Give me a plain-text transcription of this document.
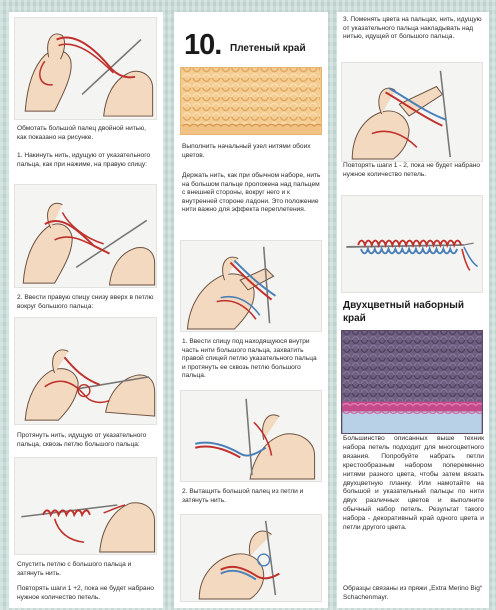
Обмотать большой палец двойной нитью, как показано на рисунке.
1. Накинуть нить, идущую от указательного пальца, как при нажиме, на правую спицу:
2. Ввести правую спицу снизу вверх в петлю вокруг большого пальца:
Протянуть нить, идущую от указательного пальца, сквозь петлю большого пальца:
Спустить петлю с большого пальца и затянуть нить.
Повторять шаги 1 +2, пока не будет набрано нужное количество петель.
10. Плетеный край
Выполнить начальный узел нитями обоих цветов.
Держать нить, как при обычном наборе, нить на большом пальце проложена над пальцем с внешней стороны, вокруг него и к внутренней стороне ладони. Это положение нити важно для эффекта переплетения.
1. Ввести спицу под находящуюся внутри часть нити большого пальца, захватить правой спицей петлю указательного пальца и протянуть ее сквозь петлю большого пальца.
2. Вытащить большой палец из петли и затянуть нить.
3. Поменять цвета на пальцах, нить, идущую от указательного пальца накладывать над нитью, идущей от большого пальца.
Повторять шаги 1 - 2, пока не будет набрано нужное количество петель.
Двухцветный наборный край
Большинство описанных выше техник набора петель подходит для многоцветного вязания. Попробуйте набрать петли крестообразным набором попеременно нитями разного цвета, чтобы затем вязать двухцветную планку. Или намотайте на большой и указательный пальцы по нити двух различных цветов и выполните обычный набор петель. Результат такого набора - декоративный край одного цвета и петли другого цвета.
Образцы связаны из пряжи „Extra Merino Big“ Schachenmayr.
